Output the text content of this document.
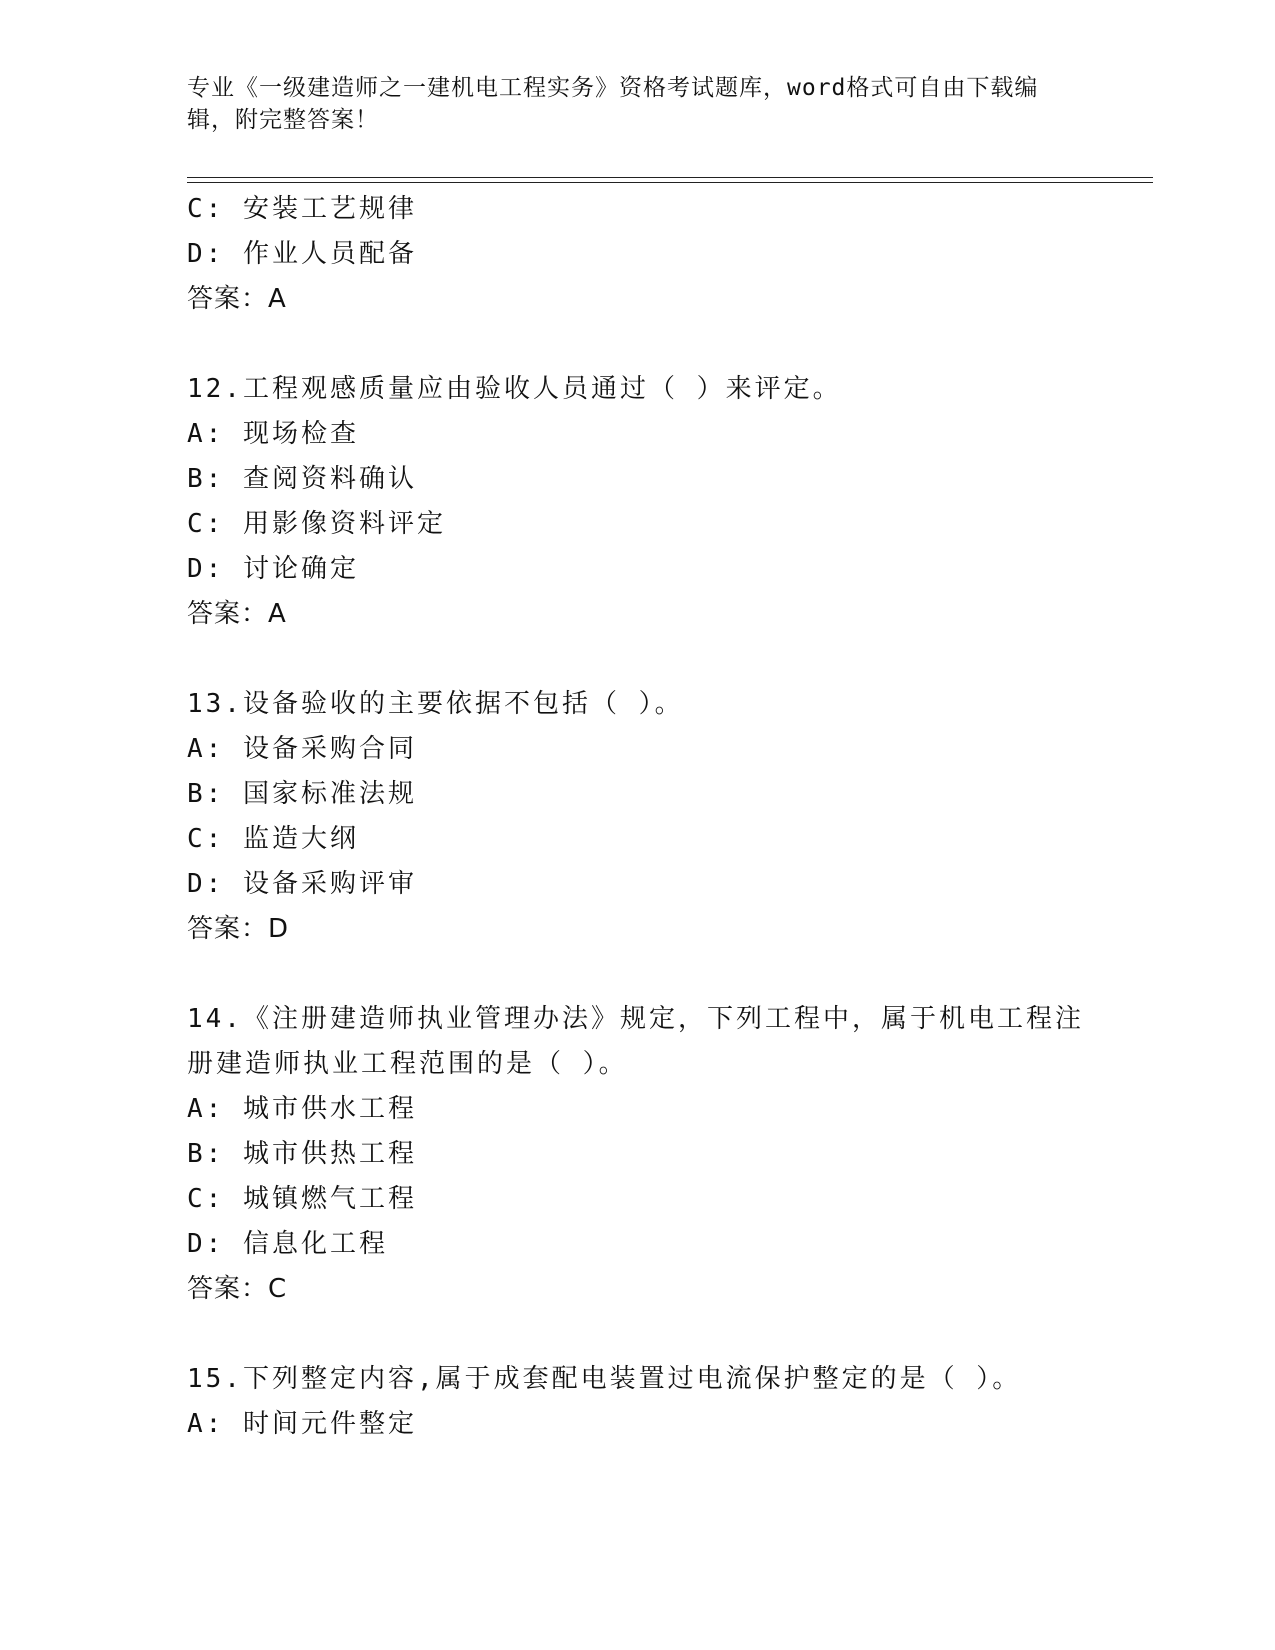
专业《一级建造师之一建机电工程实务》资格考试题库，word格式可自由下载编辑，附完整答案！
C: 安装工艺规律
D: 作业人员配备
答案：A
12.工程观感质量应由验收人员通过（ ）来评定。
A: 现场检查
B: 查阅资料确认
C: 用影像资料评定
D: 讨论确定
答案：A
13.设备验收的主要依据不包括（ ）。
A: 设备采购合同
B: 国家标准法规
C: 监造大纲
D: 设备采购评审
答案：D
14.《注册建造师执业管理办法》规定，下列工程中，属于机电工程注
册建造师执业工程范围的是（ ）。
A: 城市供水工程
B: 城市供热工程
C: 城镇燃气工程
D: 信息化工程
答案：C
15.下列整定内容,属于成套配电装置过电流保护整定的是（ ）。
A: 时间元件整定
